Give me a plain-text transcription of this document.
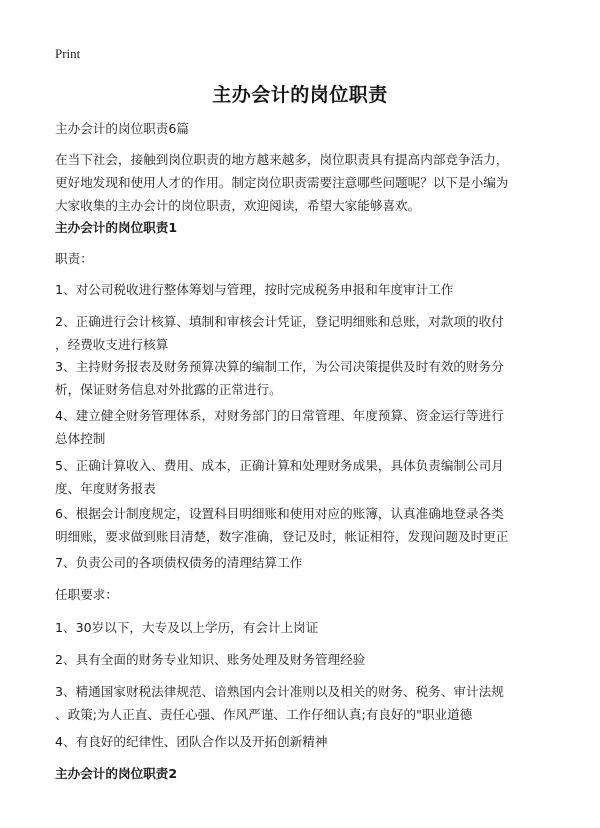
Print
主办会计的岗位职责
主办会计的岗位职责6篇
在当下社会，接触到岗位职责的地方越来越多，岗位职责具有提高内部竞争活力，
更好地发现和使用人才的作用。制定岗位职责需要注意哪些问题呢？以下是小编为
大家收集的主办会计的岗位职责，欢迎阅读，希望大家能够喜欢。
主办会计的岗位职责1
职责：
1、对公司税收进行整体筹划与管理，按时完成税务申报和年度审计工作
2、正确进行会计核算、填制和审核会计凭证，登记明细账和总账，对款项的收付
，经费收支进行核算
3、主持财务报表及财务预算决算的编制工作，为公司决策提供及时有效的财务分
析，保证财务信息对外批露的正常进行。
4、建立健全财务管理体系，对财务部门的日常管理、年度预算、资金运行等进行
总体控制
5、正确计算收入、费用、成本，正确计算和处理财务成果，具体负责编制公司月
度、年度财务报表
6、根据会计制度规定，设置科目明细账和使用对应的账簿，认真准确地登录各类
明细账，要求做到账目清楚，数字准确，登记及时，帐证相符，发现问题及时更正
7、负责公司的各项债权债务的清理结算工作
任职要求：
1、30岁以下，大专及以上学历，有会计上岗证
2、具有全面的财务专业知识、账务处理及财务管理经验
3、精通国家财税法律规范、谙熟国内会计准则以及相关的财务、税务、审计法规
、政策;为人正直、责任心强、作风严谨、工作仔细认真;有良好的"职业道德
4、有良好的纪律性、团队合作以及开拓创新精神
主办会计的岗位职责2
